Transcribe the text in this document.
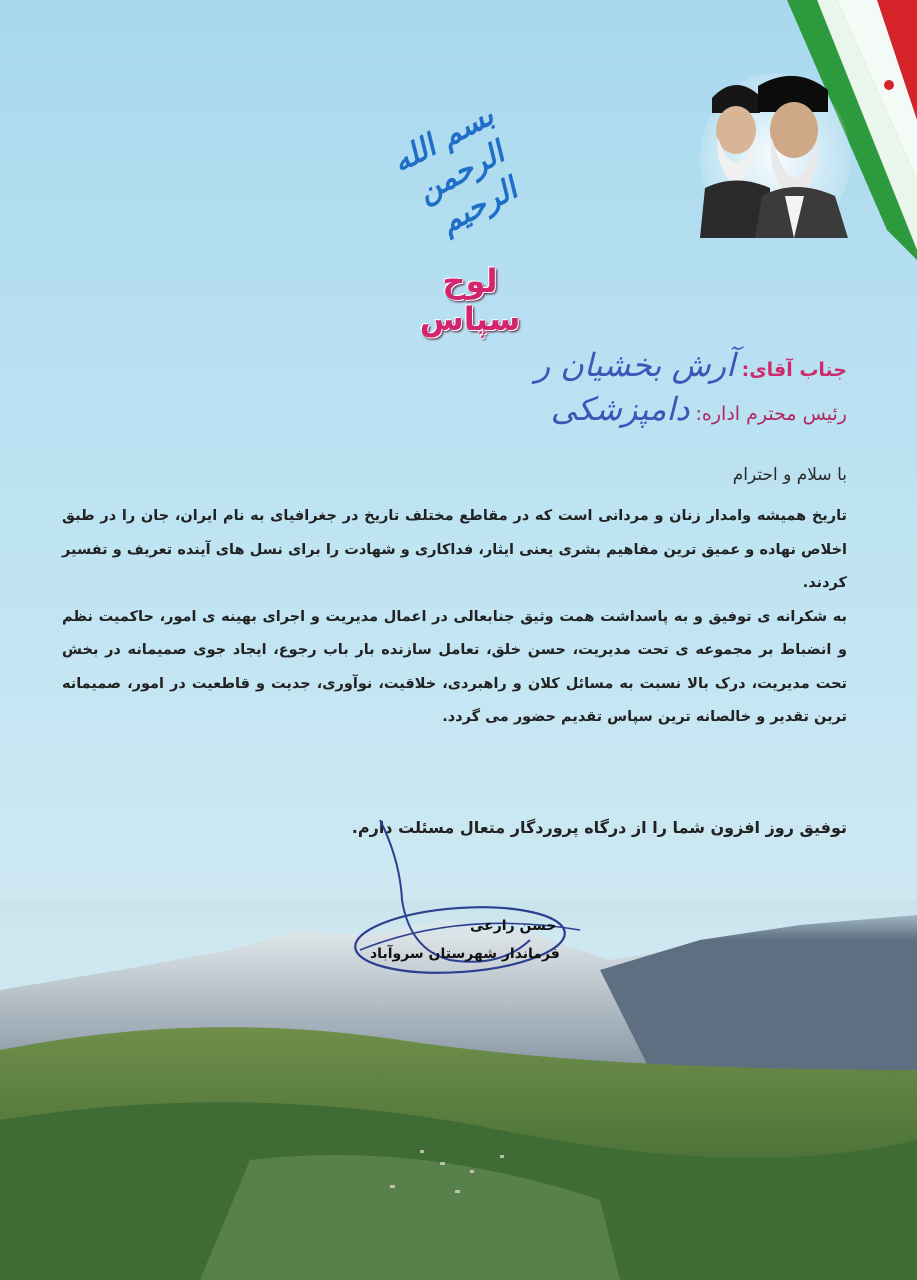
بسم الله الرحمن الرحیم
لوح سپاس
جناب آقای: آرش بخشیان ر
رئیس محترم اداره: دامپزشکی
با سلام و احترام

تاریخ همیشه وامدار زنان و مردانی است که در مقاطع مختلف تاریخ در جغرافیای به نام ایران، جان را در طبق اخلاص نهاده و عمیق ترین مفاهیم بشری یعنی ایثار، فداکاری و شهادت را برای نسل های آینده تعریف و تفسیر کردند.

به شکرانه ی توفیق و به پاسداشت همت وثیق جنابعالی در اعمال مدیریت و اجرای بهینه ی امور، حاکمیت نظم و انضباط بر مجموعه ی تحت مدیریت، حسن خلق، تعامل سازنده بار باب رجوع، ایجاد جوی صمیمانه در بخش تحت مدیریت، درک بالا نسبت به مسائل کلان و راهبردی، خلاقیت، نوآوری، جدیت و قاطعیت در امور، صمیمانه ترین تقدیر و خالصانه ترین سپاس تقدیم حضور می گردد.

توفیق روز افزون شما را از درگاه پروردگار متعال مسئلت دارم.
حسن زارعی
فرماندار شهرستان سروآباد
